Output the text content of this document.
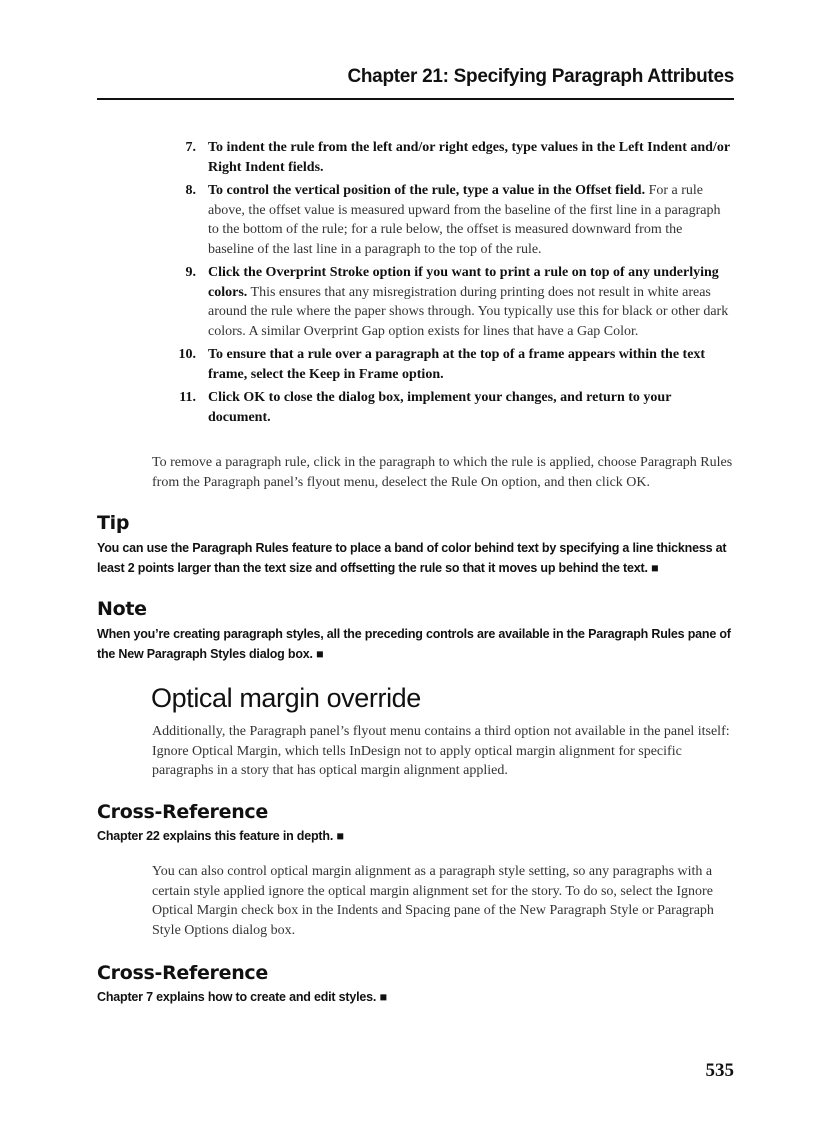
Chapter 21: Specifying Paragraph Attributes
7. To indent the rule from the left and/or right edges, type values in the Left Indent and/or Right Indent fields.
8. To control the vertical position of the rule, type a value in the Offset field. For a rule above, the offset value is measured upward from the baseline of the first line in a paragraph to the bottom of the rule; for a rule below, the offset is measured downward from the baseline of the last line in a paragraph to the top of the rule.
9. Click the Overprint Stroke option if you want to print a rule on top of any underlying colors. This ensures that any misregistration during printing does not result in white areas around the rule where the paper shows through. You typically use this for black or other dark colors. A similar Overprint Gap option exists for lines that have a Gap Color.
10. To ensure that a rule over a paragraph at the top of a frame appears within the text frame, select the Keep in Frame option.
11. Click OK to close the dialog box, implement your changes, and return to your document.

To remove a paragraph rule, click in the paragraph to which the rule is applied, choose Paragraph Rules from the Paragraph panel’s flyout menu, deselect the Rule On option, and then click OK.

Tip

You can use the Paragraph Rules feature to place a band of color behind text by specifying a line thickness at least 2 points larger than the text size and offsetting the rule so that it moves up behind the text. ■

Note

When you’re creating paragraph styles, all the preceding controls are available in the Paragraph Rules pane of the New Paragraph Styles dialog box. ■

Optical margin override

Additionally, the Paragraph panel’s flyout menu contains a third option not available in the panel itself: Ignore Optical Margin, which tells InDesign not to apply optical margin alignment for specific paragraphs in a story that has optical margin alignment applied.

Cross-Reference

Chapter 22 explains this feature in depth. ■

You can also control optical margin alignment as a paragraph style setting, so any paragraphs with a certain style applied ignore the optical margin alignment set for the story. To do so, select the Ignore Optical Margin check box in the Indents and Spacing pane of the New Paragraph Style or Paragraph Style Options dialog box.

Cross-Reference

Chapter 7 explains how to create and edit styles. ■

535
